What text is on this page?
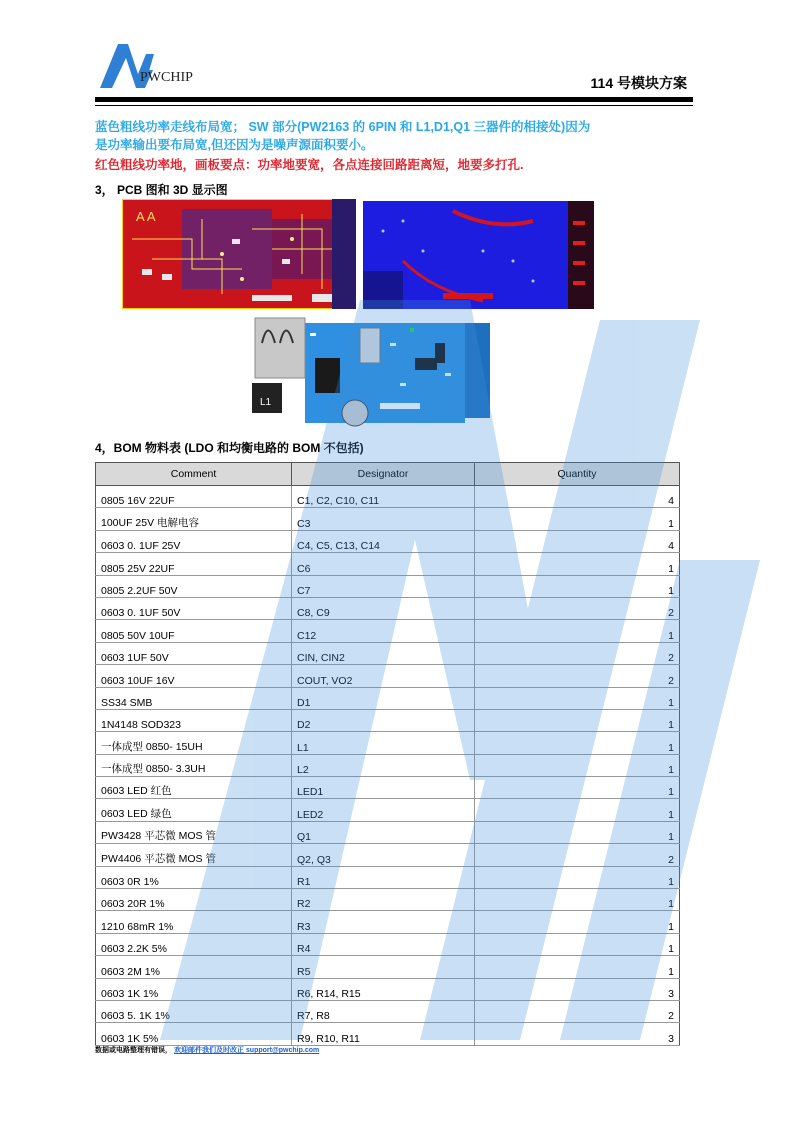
PWCHIP	114 号模块方案
蓝色粗线功率走线布局宽； SW 部分(PW2163 的 6PIN 和 L1,D1,Q1 三器件的相接处)因为
是功率输出要布局宽,但还因为是噪声源面积要小。
红色粗线功率地，画板要点：功率地要宽，各点连接回路距离短，地要多打孔.
3， PCB 图和 3D 显示图
A A
L1
4，BOM 物料表 (LDO 和均衡电路的 BOM 不包括)
Comment	Designator	Quantity
0805 16V 22UF	C1, C2, C10, C11	4
100UF 25V 电解电容	C3	1
0603 0. 1UF 25V	C4, C5, C13, C14	4
0805 25V 22UF	C6	1
0805 2.2UF 50V	C7	1
0603 0. 1UF 50V	C8, C9	2
0805 50V 10UF	C12	1
0603 1UF 50V	CIN, CIN2	2
0603 10UF 16V	COUT, VO2	2
SS34 SMB	D1	1
1N4148 SOD323	D2	1
一体成型 0850- 15UH	L1	1
一体成型 0850- 3.3UH	L2	1
0603 LED 红色	LED1	1
0603 LED 绿色	LED2	1
PW3428 平芯微 MOS 管	Q1	1
PW4406 平芯微 MOS 管	Q2, Q3	2
0603 0R 1%	R1	1
0603 20R 1%	R2	1
1210 68mR 1%	R3	1
0603 2.2K 5%	R4	1
0603 2M 1%	R5	1
0603 1K 1%	R6, R14, R15	3
0603 5. 1K 1%	R7, R8	2
0603 1K 5%	R9, R10, R11	3
数据或电路整理有错误， 欢迎邮件我们及时改正 support@pwchip.com
